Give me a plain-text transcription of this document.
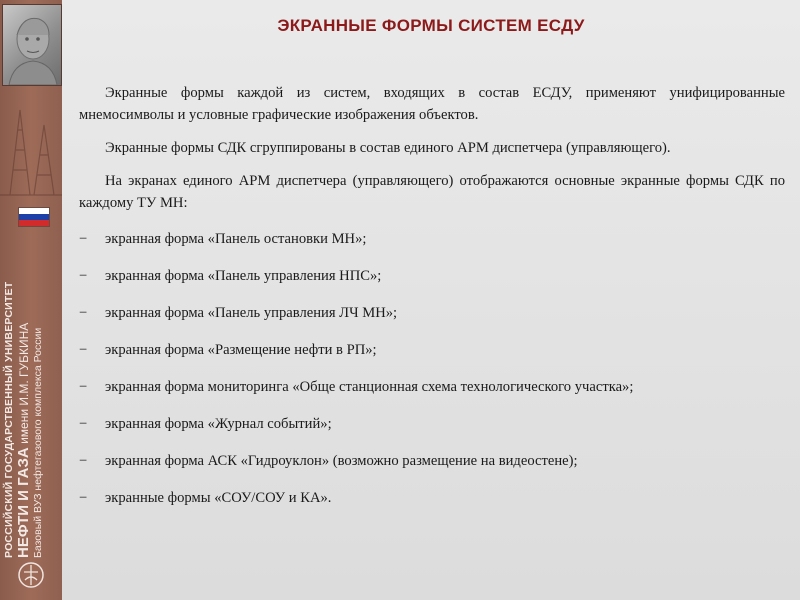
РОССИЙСКИЙ ГОСУДАРСТВЕННЫЙ УНИВЕРСИТЕТ НЕФТИ И ГАЗА имени И.М. ГУБКИНА Базовый ВУЗ нефтегазового комплекса России
ЭКРАННЫЕ ФОРМЫ СИСТЕМ ЕСДУ

Экранные формы каждой из систем, входящих в состав ЕСДУ, применяют унифицированные мнемосимволы и условные графические изображения объектов.

Экранные формы СДК сгруппированы в состав единого АРМ диспетчера (управляющего).

На экранах единого АРМ диспетчера (управляющего) отображаются основные экранные формы СДК по каждому ТУ МН:

− экранная форма «Панель остановки МН»;
− экранная форма «Панель управления НПС»;
− экранная форма «Панель управления ЛЧ МН»;
− экранная форма «Размещение нефти в РП»;
− экранная форма мониторинга «Обще станционная схема технологического участка»;
− экранная форма «Журнал событий»;
− экранная форма АСК «Гидроуклон» (возможно размещение на видеостене);
− экранные формы «СОУ/СОУ и КА».
